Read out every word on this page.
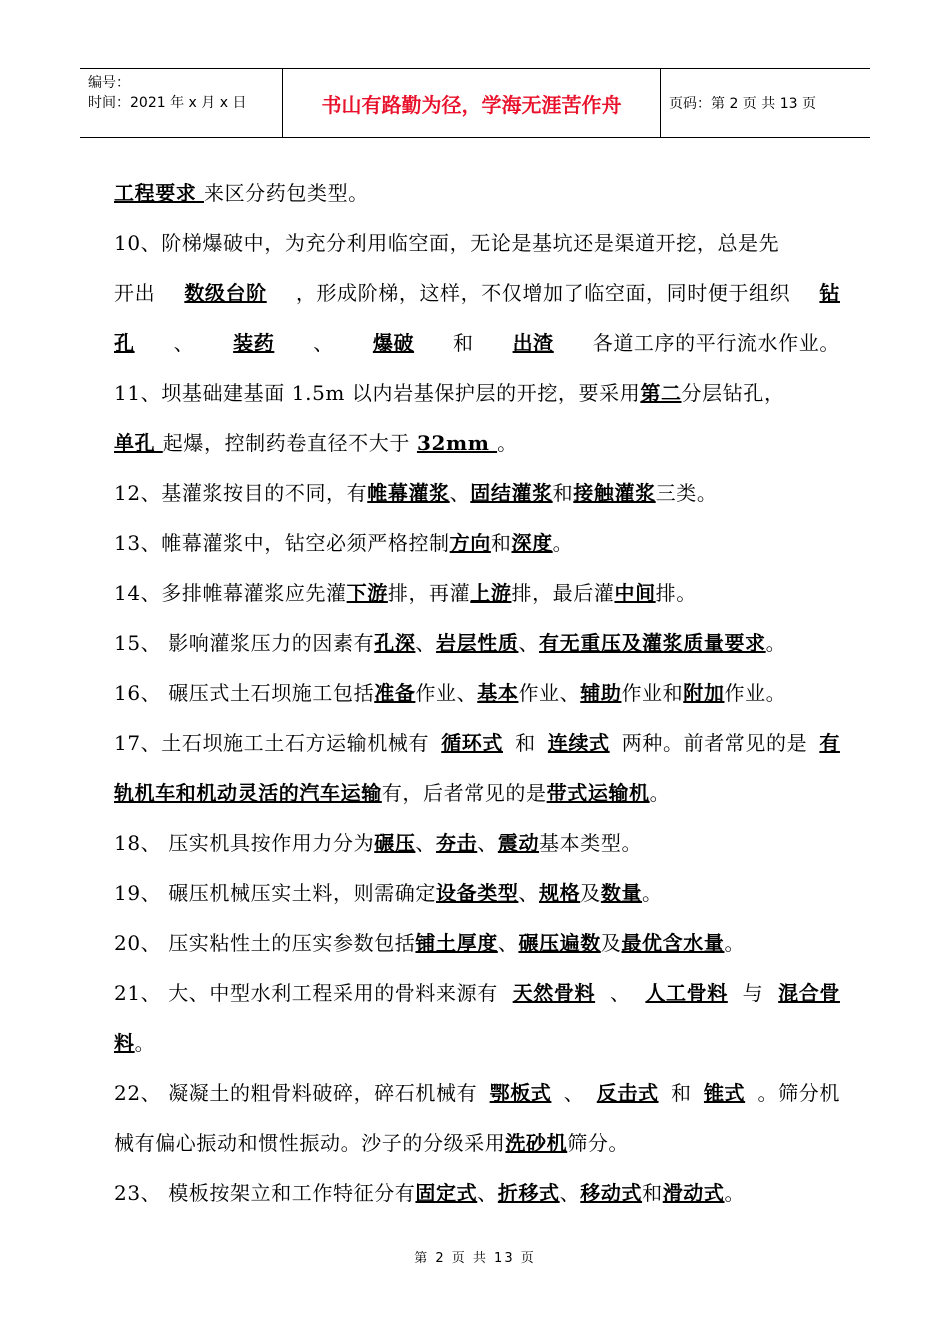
编号：
时间：2021 年 x 月 x 日	书山有路勤为径，学海无涯苦作舟	页码：第 2 页 共 13 页
工程要求 来区分药包类型。
10、阶梯爆破中，为充分利用临空面，无论是基坑还是渠道开挖，总是先
开出 数级台阶 ，形成阶梯，这样，不仅增加了临空面，同时便于组织 钻
孔 、 装药 、 爆破 和 出渣 各道工序的平行流水作业。
11、坝基础建基面 1.5m 以内岩基保护层的开挖，要采用第二分层钻孔，
单孔 起爆，控制药卷直径不大于 32mm 。
12、基灌浆按目的不同，有帷幕灌浆、固结灌浆和接触灌浆三类。
13、帷幕灌浆中，钻空必须严格控制方向和深度。
14、多排帷幕灌浆应先灌下游排，再灌上游排，最后灌中间排。
15、 影响灌浆压力的因素有孔深、岩层性质、有无重压及灌浆质量要求。
16、 碾压式土石坝施工包括准备作业、基本作业、辅助作业和附加作业。
17、土石坝施工土石方运输机械有 循环式 和 连续式 两种。前者常见的是 有
轨机车和机动灵活的汽车运输有，后者常见的是带式运输机。
18、 压实机具按作用力分为碾压、夯击、震动基本类型。
19、 碾压机械压实土料，则需确定设备类型、规格及数量。
20、 压实粘性土的压实参数包括铺土厚度、碾压遍数及最优含水量。
21、 大、中型水利工程采用的骨料来源有 天然骨料 、 人工骨料 与 混合骨
料。
22、 凝凝土的粗骨料破碎，碎石机械有 鄂板式 、 反击式 和 锥式 。筛分机
械有偏心振动和惯性振动。沙子的分级采用洗砂机筛分。
23、 模板按架立和工作特征分有固定式、折移式、移动式和滑动式。
第 2 页 共 13 页
